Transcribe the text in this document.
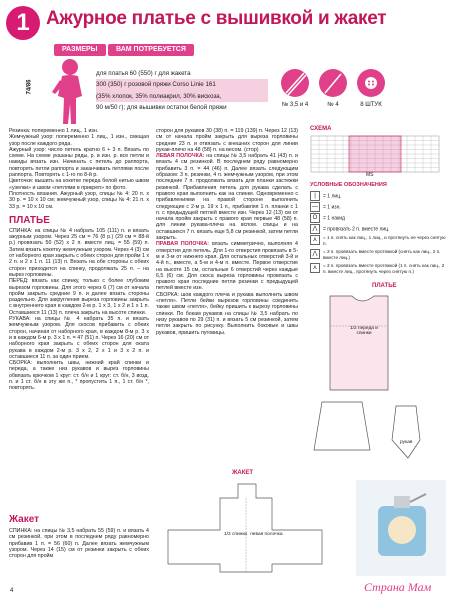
1 Ажурное платье с вышивкой и жакет
РАЗМЕРЫ	ВАМ ПОТРЕБУЕТСЯ
74/86
для платья 60 (550) г для жакета
300 (350) г розовой пряжи Corso Linie 161
(35% хлопок, 35% полиакрил, 30% вискоза,
90 м/50 г); для вышивки остатки белой пряжи	№ 3,5 и 4	№ 4	8 ШТУК
Резинка: попеременно 1 лиц., 1 изн.
Жемчужный узор: попеременно 1 лиц., 1 изн., смещая узор после каждого ряда.
Ажурный узор: число петель кратно 6 + 3 п. Вязать по схеме. На схеме указаны ряды, р. в изн. р. все петли и накиды вязать изн. Начинать с петель до раппорта, повторять петли раппорта и заканчивать петлями после раппорта. Повторять с 1-го по 8-й р.
Цветочки: вышить на кокетке переда белой нитью швом «узелки» и швом «петлями в прикреп» по фото.
Плотность вязания. Ажурный узор, спицы № 4: 20 п. x 30 р. = 10 x 10 см; жемчужный узор, спицы № 4: 21 п. x 33 р. = 10 x 10 см.
ПЛАТЬЕ
СПИНКА: на спицы № 4 набрать 105 (111) п. и вязать ажурным узором. Через 25 см = 76 (8 р.) (29 см = 88-й р.) провязать 50 (52) x 2 п. вместе лиц. = 55 (59) п. Затем вязать кокетку жемчужным узором. Через 4 (3) см от наборного края закрыть с обеих сторон для пройм 1 x 2 п. и 2 x 1 п. 11 (13) п. Вязать на обе стороны с обеих сторон приходится на спинку, продолжать 25 п. – на вырез горловины.
ПЕРЕД: вязать как спинку, только с более глубоким вырезом горловины. Для этого через 6 (7) см от начала пройм закрыть средние 9 п. и далее вязать стороны раздельно. Для закругления выреза горловины закрыть с внутреннего края в каждом 2-м р. 1 x 3, 1 x 2 и 1 x 1 п. Оставшиеся 11 (13) п. плеча закрыть на высоте спинки.
РУКАВА: на спицы № 4 набрать 35 п. и вязать жемчужным узором. Для скосов прибавить с обеих сторон, начиная от наборного края, в каждом 8-м р. 3 x и в каждом 6-м р. 3 x 1 п. = 47 (51) п. Через 16 (20) см от наборного края закрыть с обеих сторон для оката рукава в каждом 2-м р. 3 x 2, 2 x 1 и 3 x 2 п. и оставшиеся 11 п. за один прием.
СБОРКА: выполнить швы, нижний край спинки и переда, а также низ рукавов и вырез горловины обвязать крючком 1 круг: ст. б/н и 1 круг: ст. б/н, 3 возд. п. и 1 ст. б/н в эту же п., * пропустить 1 п., 1 ст. б/н *, повторять.
Жакет
СПИНКА: на спицы № 3,5 набрать 55 (59) п. и вязать 4 см резинкой, при этом в последнем ряду равномерно прибавив 1 п. = 56 (60) п. Далее вязать жемчужным узором. Через 14 (15) см от резинки закрыть с обеих сторон для пройм
сторон для рукавов 30 (38) п. = 119 (139) п. Через 12 (13) см от начала пройм закрыть для выреза горловины средние 23 п. и отвязать с внешних сторон для линии рукав-плечо на 48 (58) п. на весом. (стор)
ЛЕВАЯ ПОЛОЧКА: на спицы № 3,5 набрать 41 (43) п. и вязать 4 см резинкой. В последнем ряду равномерно прибавить 3 п. = 44 (46) п. Далее вязать следующим образом: 3 п. резинки, 4 п. жемчужным узором, при этом последние 7 п. продолжать вязать для планки застежки резинкой. Прибавления петель для рукава сделать с правого края выполнить как на спинке. Одновременно с прибавлениями на правой стороне выполнить следующие с 2-м р. 19 x 1 п., прибавляя 1 п. планки с 1 п. с предыдущей петлей вместе изн. Через 12 (13) см от начала пройм закрыть с правого края первые 48 (58) п. для линии рукава-плеча на вспом. спицы и на оставшихся 7 п. вязать еще 5,8 см резинкой, затем петли закрыть.
ПРАВАЯ ПОЛОЧКА: вязать симметрично, выполняя 4 отверстия для петель. Для 1-го отверстия провязать в 5-м и 3-м от нижнего края. Для остальных отверстий 3-й и 4-й п., вместе, а 5-м и 4-м п. вместе. Первое отверстие на высоте 15 см, остальные 6 отверстий через каждые 6,5 (6) см. Для скоса выреза горловины провязать с правого края последние петли резинки с предыдущей петлей вместе изн.
СБОРКА: шов каждого плеча и рукава выполнить швом «петля». Петли бейки вырезов горловины соединить также швом «петля», бейку пришить к вырезу горловины спинки. По бокам рукавов на спицы № 3,5 набрать по низу рукавов по 29 (31) п. и вязать 5 см резинкой, затем петли закрыть по рисунку. Выполнить боковые и швы рукавов, пришить пуговицы.
СХЕМА
МS
УСЛОВНЫЕ ОБОЗНАЧЕНИЯ
| = 1 лиц.
— = 1 изн.
О = 1 накид
⋀ = провязать 2 п. вместе лиц.
⋏	= 1 п. снять как лиц., 1 лиц., и протянуть ее через снятую п.
⋀	= 3 п. провязать вместе протяжкой (снять как лиц., 2 п. вместе лиц.)
⋏	= 3 п. провязать вместе протяжкой (1 п. снять как лиц., 2 п. вместе лиц., протянуть через снятую п.)
ПЛАТЬЕ
1/2 переда и спинки
рукав
ЖАКЕТ
1/2 спинки левая полочка
4	Страна Мам
